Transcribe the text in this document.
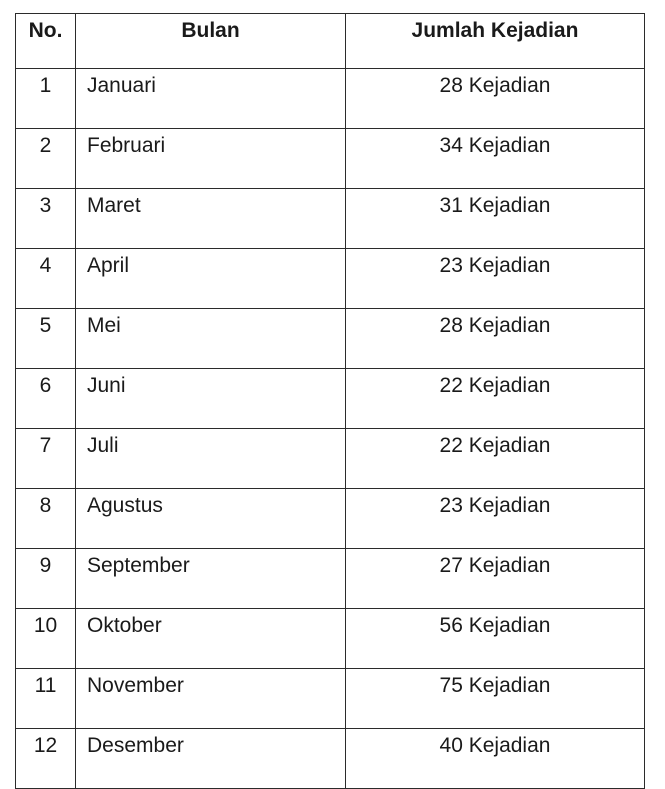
No.	Bulan	Jumlah Kejadian
1	Januari	28 Kejadian
2	Februari	34 Kejadian
3	Maret	31 Kejadian
4	April	23 Kejadian
5	Mei	28 Kejadian
6	Juni	22 Kejadian
7	Juli	22 Kejadian
8	Agustus	23 Kejadian
9	September	27 Kejadian
10	Oktober	56 Kejadian
11	November	75 Kejadian
12	Desember	40 Kejadian
